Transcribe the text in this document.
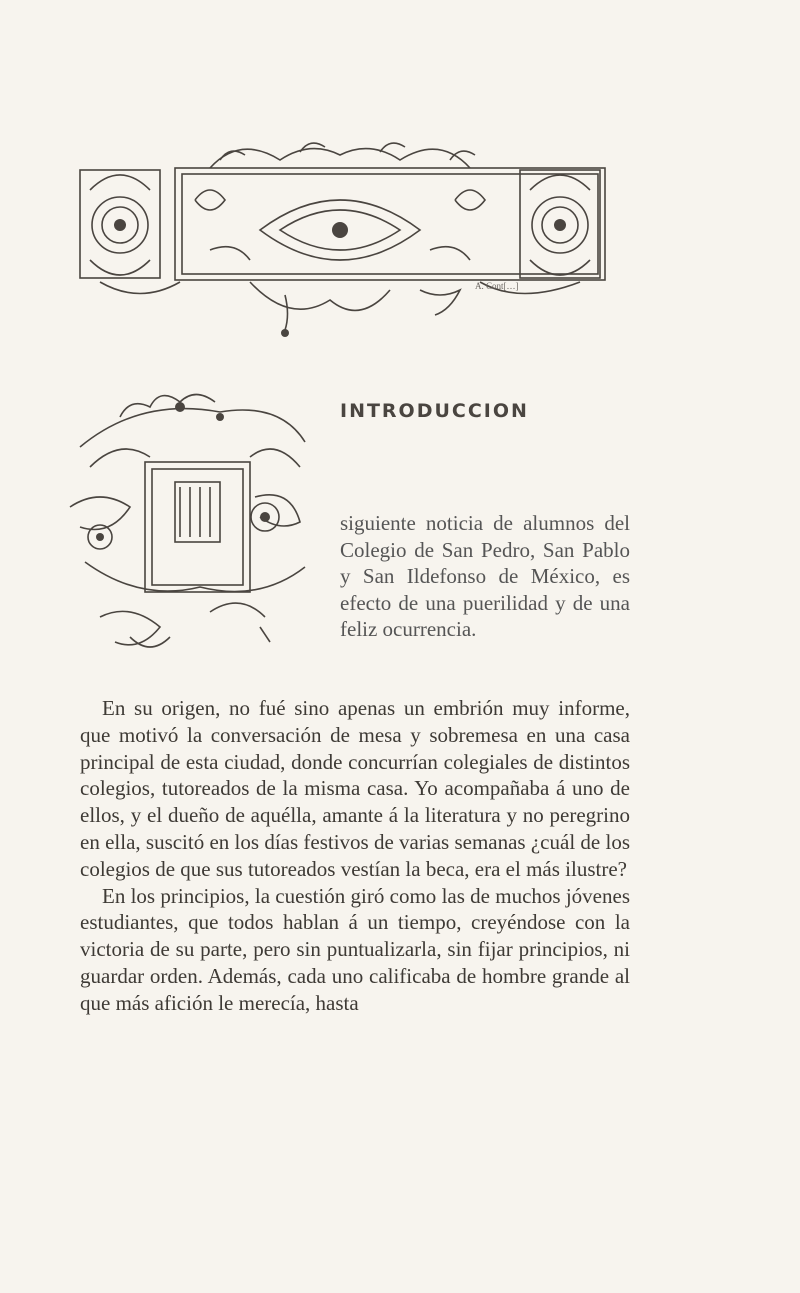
A. Cont[…]
INTRODUCCION

siguiente noticia de alumnos del Colegio de San Pedro, San Pablo y San Ildefonso de México, es efecto de una puerilidad y de una feliz ocurrencia.

En su origen, no fué sino apenas un embrión muy informe, que motivó la conversación de mesa y sobremesa en una casa principal de esta ciudad, donde concurrían colegiales de distintos colegios, tutoreados de la misma casa. Yo acompañaba á uno de ellos, y el dueño de aquélla, amante á la literatura y no peregrino en ella, suscitó en los días festivos de varias semanas ¿cuál de los colegios de que sus tutoreados vestían la beca, era el más ilustre?

En los principios, la cuestión giró como las de muchos jóvenes estudiantes, que todos hablan á un tiempo, creyéndose con la victoria de su parte, pero sin puntualizarla, sin fijar principios, ni guardar orden. Además, cada uno calificaba de hombre grande al que más afición le merecía, hasta
